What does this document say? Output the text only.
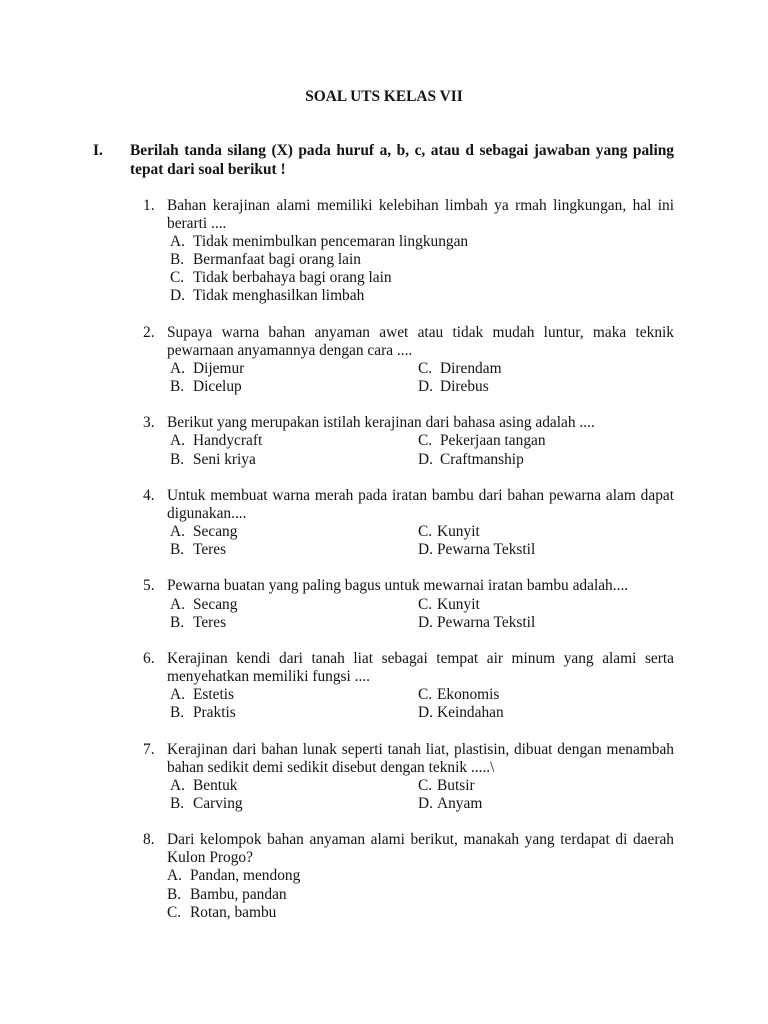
SOAL UTS KELAS VII
I. Berilah tanda silang (X) pada huruf a, b, c, atau d sebagai jawaban yang paling tepat dari soal berikut !
1. Bahan kerajinan alami memiliki kelebihan limbah ya rmah lingkungan, hal ini berarti ....
A. Tidak menimbulkan pencemaran lingkungan
B. Bermanfaat bagi orang lain
C. Tidak berbahaya bagi orang lain
D. Tidak menghasilkan limbah
2. Supaya warna bahan anyaman awet atau tidak mudah luntur, maka teknik pewarnaan anyamannya dengan cara ....
A. Dijemur
B. Dicelup
C. Direndam
D. Direbus
3. Berikut yang merupakan istilah kerajinan dari bahasa asing adalah ....
A. Handycraft
B. Seni kriya
C. Pekerjaan tangan
D. Craftmanship
4. Untuk membuat warna merah pada iratan bambu dari bahan pewarna alam dapat digunakan....
A. Secang
B. Teres
C. Kunyit
D. Pewarna Tekstil
5. Pewarna buatan yang paling bagus untuk mewarnai iratan bambu adalah....
A. Secang
B. Teres
C. Kunyit
D. Pewarna Tekstil
6. Kerajinan kendi dari tanah liat sebagai tempat air minum yang alami serta menyehatkan memiliki fungsi ....
A. Estetis
B. Praktis
C. Ekonomis
D. Keindahan
7. Kerajinan dari bahan lunak seperti tanah liat, plastisin, dibuat dengan menambah bahan sedikit demi sedikit disebut dengan teknik .....\
A. Bentuk
B. Carving
C. Butsir
D. Anyam
8. Dari kelompok bahan anyaman alami berikut, manakah yang terdapat di daerah Kulon Progo?
A. Pandan, mendong
B. Bambu, pandan
C. Rotan, bambu
